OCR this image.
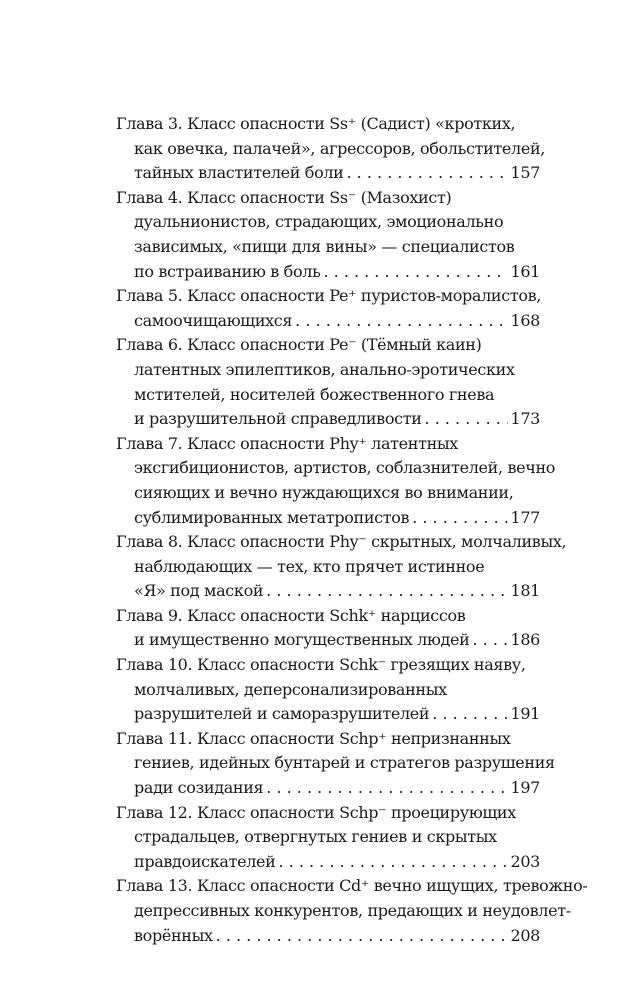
Глава 3. Класс опасности Ss⁺ (Садист) «кротких,
как овечка, палачей», агрессоров, обольстителей,
тайных властителей боли . . .	157
Глава 4. Класс опасности Ss⁻ (Мазохист)
дуальнионистов, страдающих, эмоционально
зависимых, «пищи для вины» — специалистов
по встраиванию в боль . . .	161
Глава 5. Класс опасности Pe⁺ пуристов-моралистов,
самоочищающихся . . .	168
Глава 6. Класс опасности Pe⁻ (Тёмный каин)
латентных эпилептиков, анально-эротических
мстителей, носителей божественного гнева
и разрушительной справедливости . . .	173
Глава 7. Класс опасности Phy⁺ латентных
эксгибиционистов, артистов, соблазнителей, вечно
сияющих и вечно нуждающихся во внимании,
сублимированных метатропистов . . .	177
Глава 8. Класс опасности Phy⁻ скрытных, молчаливых,
наблюдающих — тех, кто прячет истинное
«Я» под маской . . .	181
Глава 9. Класс опасности Schk⁺ нарциссов
и имущественно могущественных людей . . .	186
Глава 10. Класс опасности Schk⁻ грезящих наяву,
молчаливых, деперсонализированных
разрушителей и саморазрушителей . . .	191
Глава 11. Класс опасности Schp⁺ непризнанных
гениев, идейных бунтарей и стратегов разрушения
ради созидания . . .	197
Глава 12. Класс опасности Schp⁻ проецирующих
страдальцев, отвергнутых гениев и скрытых
правдоискателей . . .	203
Глава 13. Класс опасности Cd⁺ вечно ищущих, тревожно-
депрессивных конкурентов, предающих и неудовлет-
ворённых . . .	208
